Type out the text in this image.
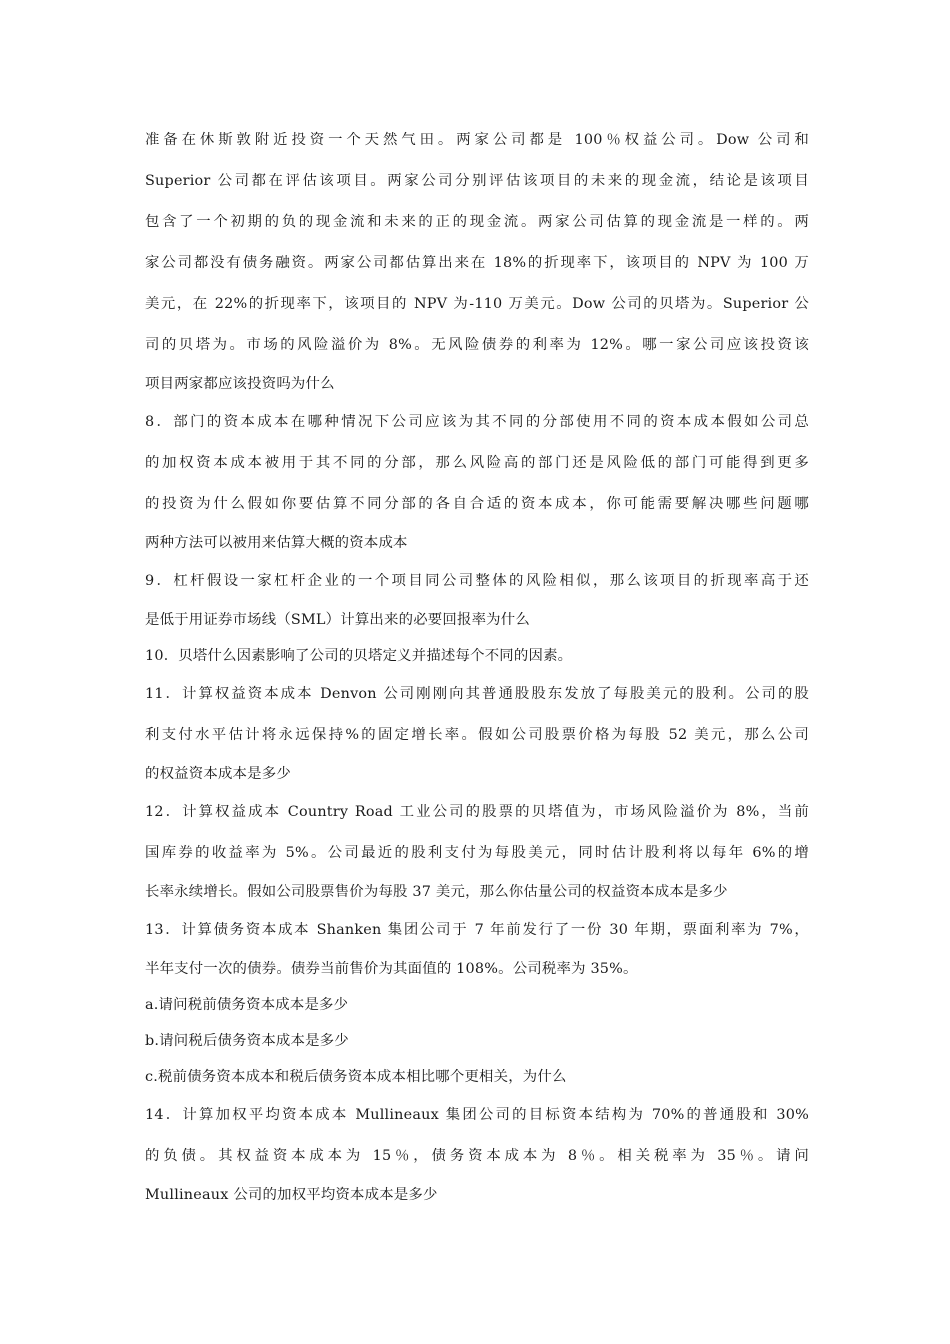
准备在休斯敦附近投资一个天然气田。两家公司都是 100％权益公司。Dow 公司和
Superior 公司都在评估该项目。两家公司分别评估该项目的未来的现金流，结论是该项目
包含了一个初期的负的现金流和未来的正的现金流。两家公司估算的现金流是一样的。两
家公司都没有债务融资。两家公司都估算出来在 18%的折现率下，该项目的 NPV 为 100 万
美元，在 22%的折现率下，该项目的 NPV 为-110 万美元。Dow 公司的贝塔为。Superior 公
司的贝塔为。市场的风险溢价为 8%。无风险债券的利率为 12%。哪一家公司应该投资该
项目两家都应该投资吗为什么
8．部门的资本成本在哪种情况下公司应该为其不同的分部使用不同的资本成本假如公司总
的加权资本成本被用于其不同的分部，那么风险高的部门还是风险低的部门可能得到更多
的投资为什么假如你要估算不同分部的各自合适的资本成本，你可能需要解决哪些问题哪
两种方法可以被用来估算大概的资本成本
9．杠杆假设一家杠杆企业的一个项目同公司整体的风险相似，那么该项目的折现率高于还
是低于用证券市场线（SML）计算出来的必要回报率为什么
10．贝塔什么因素影响了公司的贝塔定义并描述每个不同的因素。
11．计算权益资本成本 Denvon 公司刚刚向其普通股股东发放了每股美元的股利。公司的股
利支付水平估计将永远保持%的固定增长率。假如公司股票价格为每股 52 美元，那么公司
的权益资本成本是多少
12．计算权益成本 Country Road 工业公司的股票的贝塔值为，市场风险溢价为 8%，当前
国库券的收益率为 5%。公司最近的股利支付为每股美元，同时估计股利将以每年 6%的增
长率永续增长。假如公司股票售价为每股 37 美元，那么你估量公司的权益资本成本是多少
13．计算债务资本成本 Shanken 集团公司于 7 年前发行了一份 30 年期，票面利率为 7%，
半年支付一次的债券。债券当前售价为其面值的 108%。公司税率为 35%。
a.请问税前债务资本成本是多少
b.请问税后债务资本成本是多少
c.税前债务资本成本和税后债务资本成本相比哪个更相关，为什么
14．计算加权平均资本成本 Mullineaux 集团公司的目标资本结构为 70%的普通股和 30%
的负债。其权益资本成本为 15％，债务资本成本为 8％。相关税率为 35％。请问
Mullineaux 公司的加权平均资本成本是多少
